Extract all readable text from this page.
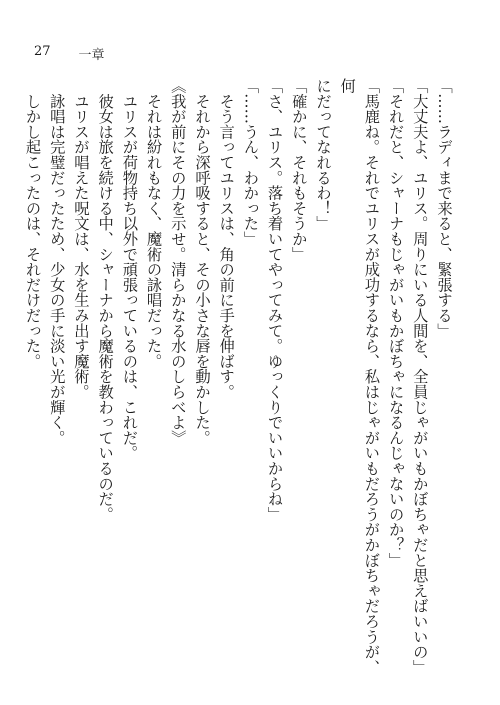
27 一章

「……ラディまで来ると、緊張する」

「大丈夫よ、ユリス。周りにいる人間を、全員じゃがいもかぼちゃだと思えばいいの」

「それだと、シャーナもじゃがいもかぼちゃになるんじゃないのか？」

「馬鹿ね。それでユリスが成功するなら、私はじゃがいもだろうがかぼちゃだろうが、何

にだってなれるわ！」

「確かに、それもそうか」

「さ、ユリス。落ち着いてやってみて。ゆっくりでいいからね」

「……うん、わかった」

　そう言ってユリスは、角の前に手を伸ばす。

　それから深呼吸すると、その小さな唇を動かした。

《我が前にその力を示せ。清らかなる水のしらべよ》

　それは紛れもなく、魔術の詠唱だった。

　ユリスが荷物持ち以外で頑張っているのは、これだ。

　彼女は旅を続ける中、シャーナから魔術を教わっているのだ。

　ユリスが唱えた呪文は、水を生み出す魔術。

　詠唱は完璧だったため、少女の手に淡い光が輝く。

　しかし起こったのは、それだけだった。
